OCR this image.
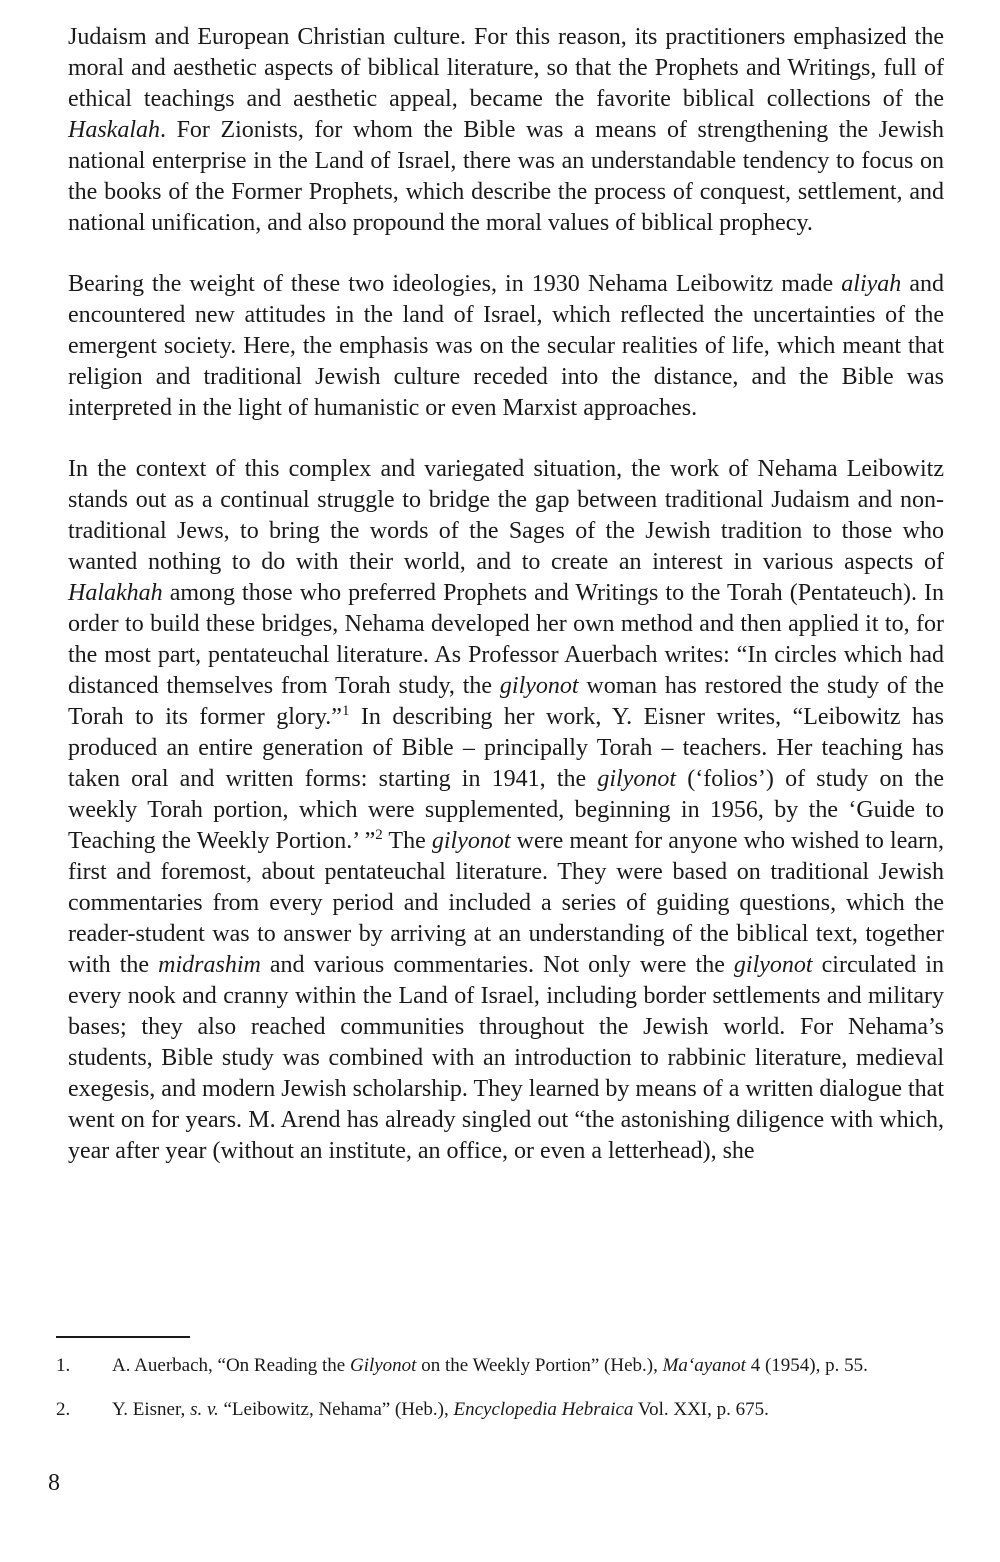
Judaism and European Christian culture. For this reason, its practitioners emphasized the moral and aesthetic aspects of biblical literature, so that the Prophets and Writings, full of ethical teachings and aesthetic appeal, became the favorite biblical collections of the Haskalah. For Zionists, for whom the Bible was a means of strengthening the Jewish national enterprise in the Land of Israel, there was an understandable tendency to focus on the books of the Former Prophets, which describe the process of conquest, settlement, and national unification, and also propound the moral values of biblical prophecy.

Bearing the weight of these two ideologies, in 1930 Nehama Leibowitz made aliyah and encountered new attitudes in the land of Israel, which reflected the uncertainties of the emergent society. Here, the emphasis was on the secular realities of life, which meant that religion and traditional Jewish culture receded into the distance, and the Bible was interpreted in the light of humanistic or even Marxist approaches.

In the context of this complex and variegated situation, the work of Nehama Leibowitz stands out as a continual struggle to bridge the gap between traditional Judaism and non-traditional Jews, to bring the words of the Sages of the Jewish tradition to those who wanted nothing to do with their world, and to create an interest in various aspects of Halakhah among those who preferred Prophets and Writings to the Torah (Pentateuch). In order to build these bridges, Nehama developed her own method and then applied it to, for the most part, pentateuchal literature. As Professor Auerbach writes: “In circles which had distanced themselves from Torah study, the gilyonot woman has restored the study of the Torah to its former glory.”$^1$ In describing her work, Y. Eisner writes, “Leibowitz has produced an entire generation of Bible – principally Torah – teachers. Her teaching has taken oral and written forms: starting in 1941, the gilyonot (‘folios’) of study on the weekly Torah portion, which were supplemented, beginning in 1956, by the ‘Guide to Teaching the Weekly Portion.’ ”$^2$ The gilyonot were meant for anyone who wished to learn, first and foremost, about pentateuchal literature. They were based on traditional Jewish commentaries from every period and included a series of guiding questions, which the reader-student was to answer by arriving at an understanding of the biblical text, together with the midrashim and various commentaries. Not only were the gilyonot circulated in every nook and cranny within the Land of Israel, including border settlements and military bases; they also reached communities throughout the Jewish world. For Nehama’s students, Bible study was combined with an introduction to rabbinic literature, medieval exegesis, and modern Jewish scholarship. They learned by means of a written dialogue that went on for years. M. Arend has already singled out “the astonishing diligence with which, year after year (without an institute, an office, or even a letterhead), she

1. A. Auerbach, “On Reading the Gilyonot on the Weekly Portion” (Heb.), Ma‘ayanot 4 (1954), p. 55.

2. Y. Eisner, s. v. “Leibowitz, Nehama” (Heb.), Encyclopedia Hebraica Vol. XXI, p. 675.

8
